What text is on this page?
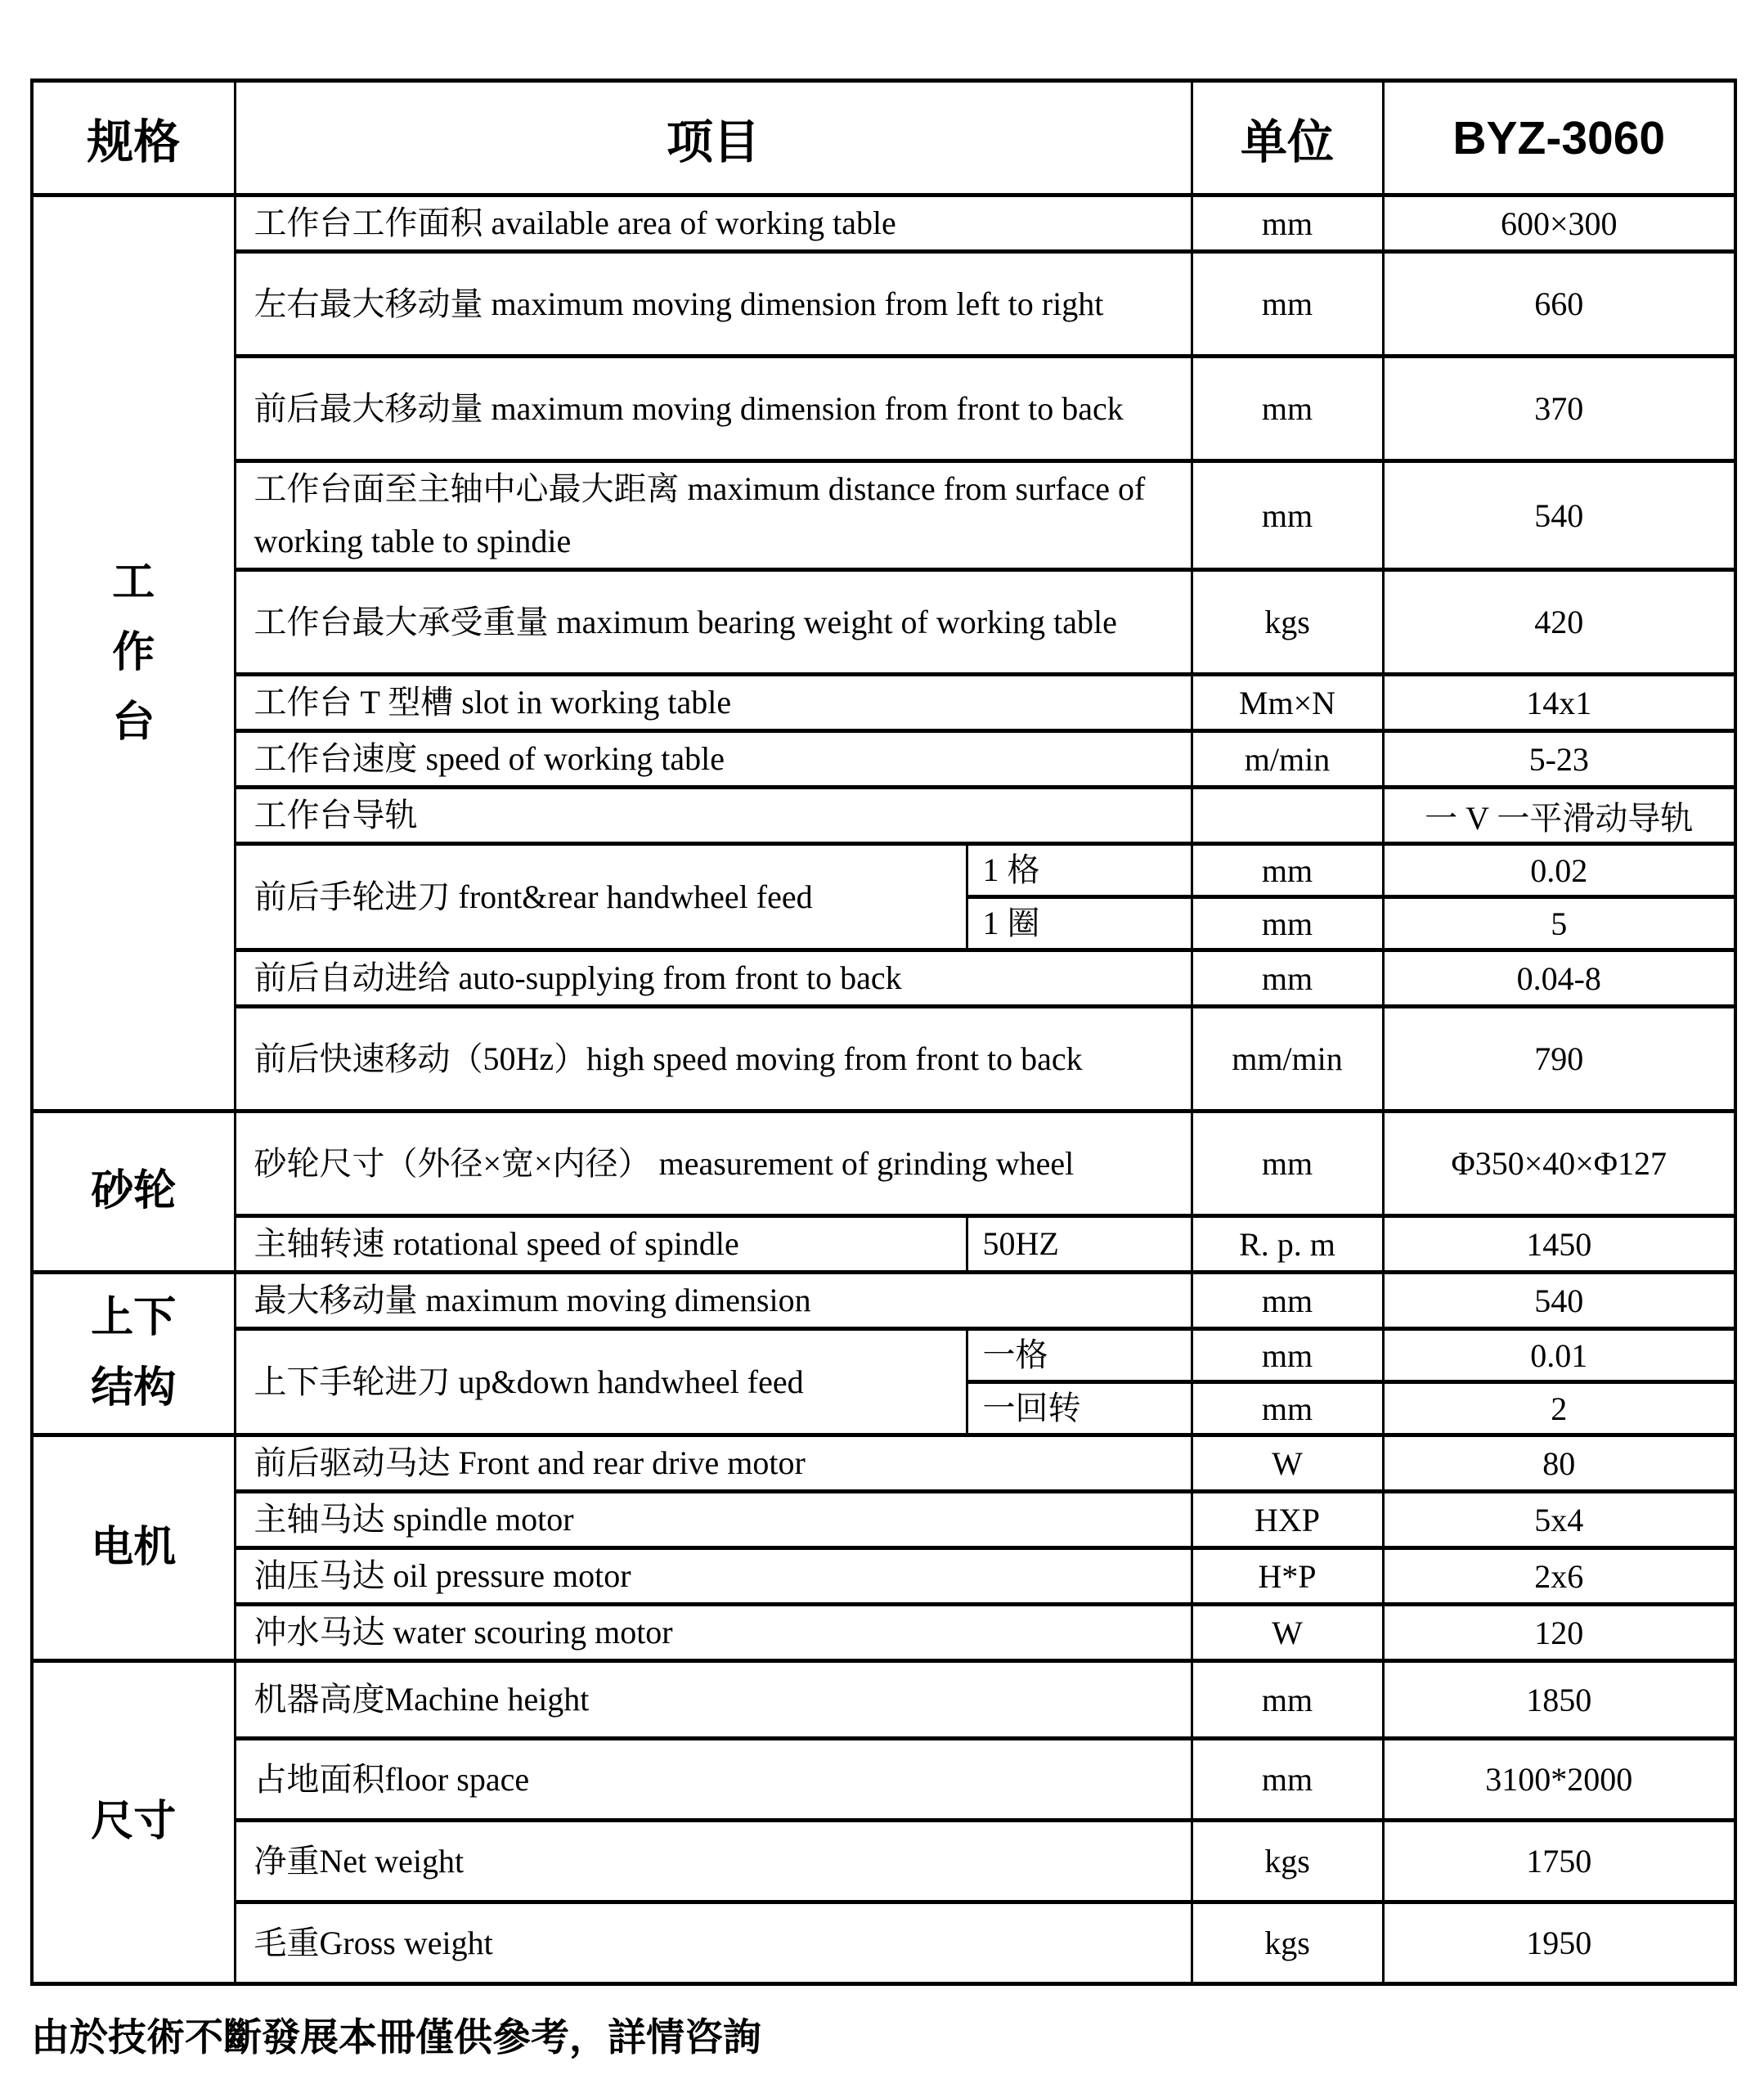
规格	项目		单位	BYZ-3060
工作台	工作台工作面积 available area of working table		mm	600×300
	左右最大移动量 maximum moving dimension from left to right		mm	660
	前后最大移动量 maximum moving dimension from front to back		mm	370
	工作台面至主轴中心最大距离 maximum distance from surface of working table to spindie		mm	540
	工作台最大承受重量 maximum bearing weight of working table		kgs	420
	工作台 T 型槽 slot in working table		Mm×N	14x1
	工作台速度 speed of working table		m/min	5-23
	工作台导轨			一 V 一平滑动导轨
	前后手轮进刀 front&rear handwheel feed	1 格	mm	0.02
		1 圈	mm	5
	前后自动进给 auto-supplying from front to back		mm	0.04-8
	前后快速移动（50Hz）high speed moving from front to back		mm/min	790
砂轮	砂轮尺寸（外径×宽×内径） measurement of grinding wheel		mm	Φ350×40×Φ127
	主轴转速 rotational speed of spindle	50HZ	R. p. m	1450
上下结构	最大移动量 maximum moving dimension		mm	540
	上下手轮进刀 up&down handwheel feed	一格	mm	0.01
		一回转	mm	2
电机	前后驱动马达 Front and rear drive motor		W	80
	主轴马达 spindle motor		HXP	5x4
	油压马达 oil pressure motor		H*P	2x6
	冲水马达 water scouring motor		W	120
尺寸	机器高度Machine height		mm	1850
	占地面积floor space		mm	3100*2000
	净重Net weight		kgs	1750
	毛重Gross weight		kgs	1950
由於技術不斷發展本冊僅供參考，詳情咨詢
